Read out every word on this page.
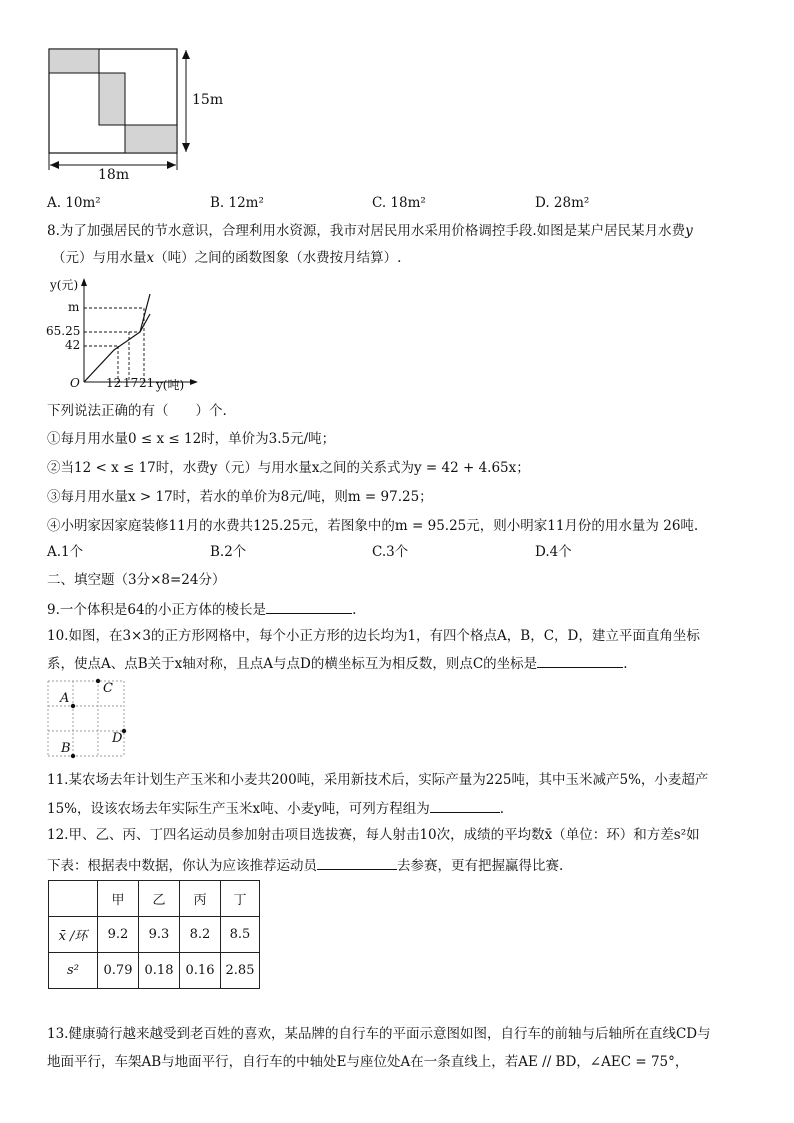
15m
18m
A. 10m²	B. 12m²	C. 18m²	D. 28m²
8.为了加强居民的节水意识，合理利用水资源，我市对居民用水采用价格调控手段.如图是某户居民某月水费y
（元）与用水量x（吨）之间的函数图象（水费按月结算）.
y(元)
m
65.25
42
O 12 17 21 y(吨)
下列说法正确的有（　　）个.
①每月用水量0 ≤ x ≤ 12时，单价为3.5元/吨；
②当12 < x ≤ 17时，水费y（元）与用水量x之间的关系式为y = 42 + 4.65x；
③每月用水量x > 17时，若水的单价为8元/吨，则m = 97.25；
④小明家因家庭装修11月的水费共125.25元，若图象中的m = 95.25元，则小明家11月份的用水量为 26吨.
A.1个	B.2个	C.3个	D.4个
二、填空题（3分×8=24分）
9.一个体积是64的小正方体的棱长是	.
10.如图，在3×3的正方形网格中，每个小正方形的边长均为1，有四个格点A，B，C，D，建立平面直角坐标
系，使点A、点B关于x轴对称，且点A与点D的横坐标互为相反数，则点C的坐标是	.
A
B
C
D
11.某农场去年计划生产玉米和小麦共200吨，采用新技术后，实际产量为225吨，其中玉米减产5%，小麦超产
15%，设该农场去年实际生产玉米x吨、小麦y吨，可列方程组为	.
12.甲、乙、丙、丁四名运动员参加射击项目选拔赛，每人射击10次，成绩的平均数x̄（单位：环）和方差s²如
下表：根据表中数据，你认为应该推荐运动员	去参赛，更有把握赢得比赛.
	甲	乙	丙	丁
x̄ /环	9.2	9.3	8.2	8.5
s²	0.79	0.18	0.16	2.85
13.健康骑行越来越受到老百姓的喜欢，某品牌的自行车的平面示意图如图，自行车的前轴与后轴所在直线CD与
地面平行，车架AB与地面平行，自行车的中轴处E与座位处A在一条直线上，若AE // BD，∠AEC = 75°，
